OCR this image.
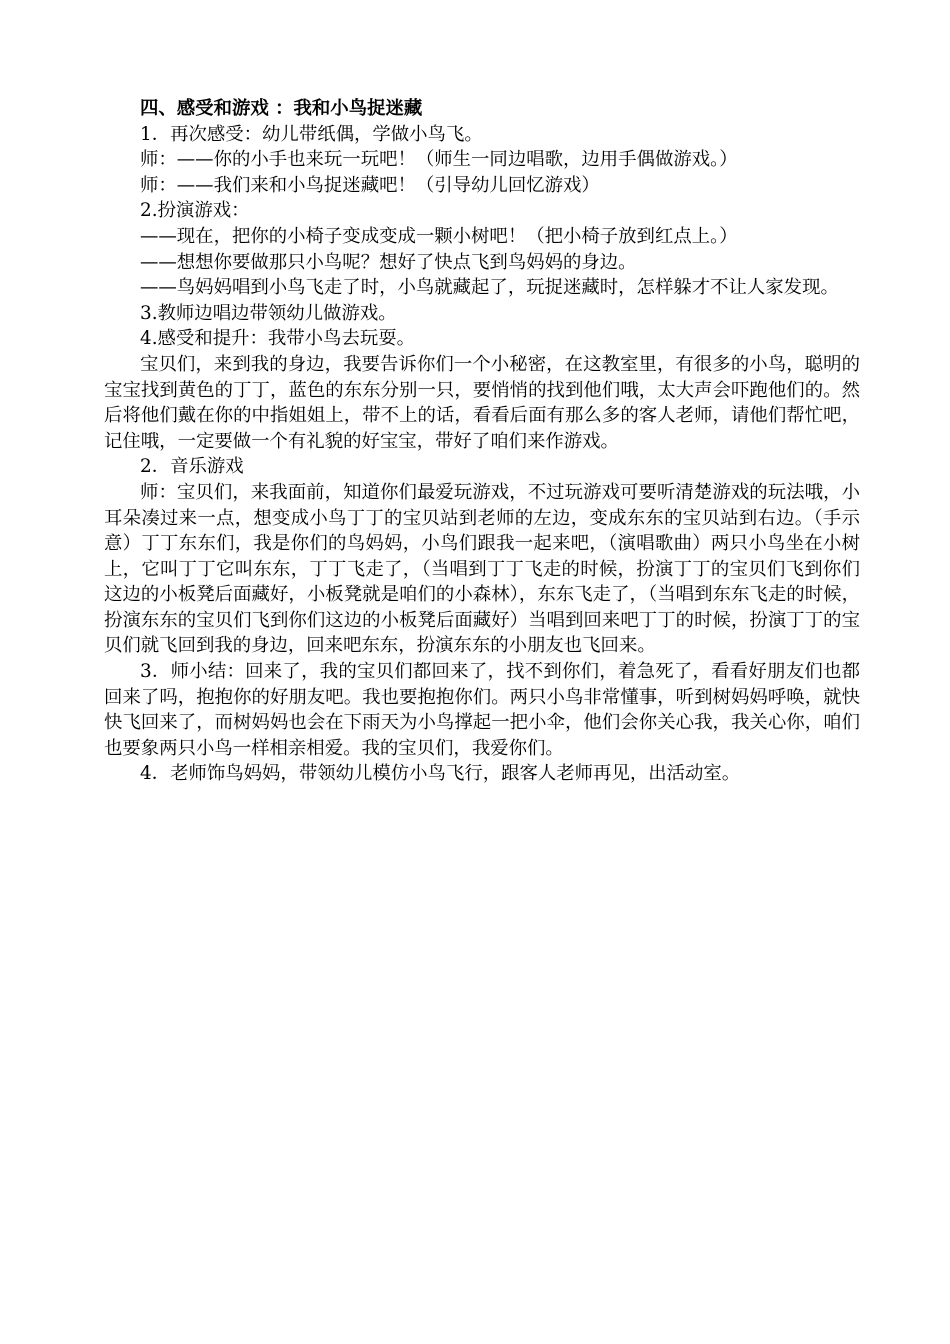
四、感受和游戏 ：我和小鸟捉迷藏

1．再次感受：幼儿带纸偶，学做小鸟飞。

师：——你的小手也来玩一玩吧！（师生一同边唱歌，边用手偶做游戏。）

师：——我们来和小鸟捉迷藏吧！（引导幼儿回忆游戏）

2.扮演游戏：

——现在，把你的小椅子变成变成一颗小树吧！（把小椅子放到红点上。）

——想想你要做那只小鸟呢？想好了快点飞到鸟妈妈的身边。

——鸟妈妈唱到小鸟飞走了时，小鸟就藏起了，玩捉迷藏时，怎样躲才不让人家发现。

3.教师边唱边带领幼儿做游戏。

4.感受和提升：我带小鸟去玩耍。

宝贝们，来到我的身边，我要告诉你们一个小秘密，在这教室里，有很多的小鸟，聪明的宝宝找到黄色的丁丁，蓝色的东东分别一只，要悄悄的找到他们哦，太大声会吓跑他们的。然后将他们戴在你的中指姐姐上，带不上的话，看看后面有那么多的客人老师，请他们帮忙吧，记住哦，一定要做一个有礼貌的好宝宝，带好了咱们来作游戏。

2．音乐游戏

师：宝贝们，来我面前，知道你们最爱玩游戏，不过玩游戏可要听清楚游戏的玩法哦，小耳朵凑过来一点，想变成小鸟丁丁的宝贝站到老师的左边，变成东东的宝贝站到右边。（手示意）丁丁东东们，我是你们的鸟妈妈，小鸟们跟我一起来吧，（演唱歌曲）两只小鸟坐在小树上，它叫丁丁它叫东东，丁丁飞走了，（当唱到丁丁飞走的时候，扮演丁丁的宝贝们飞到你们这边的小板凳后面藏好，小板凳就是咱们的小森林），东东飞走了，（当唱到东东飞走的时候，扮演东东的宝贝们飞到你们这边的小板凳后面藏好）当唱到回来吧丁丁的时候，扮演丁丁的宝贝们就飞回到我的身边，回来吧东东，扮演东东的小朋友也飞回来。

3．师小结：回来了，我的宝贝们都回来了，找不到你们，着急死了，看看好朋友们也都回来了吗，抱抱你的好朋友吧。我也要抱抱你们。两只小鸟非常懂事，听到树妈妈呼唤，就快快飞回来了，而树妈妈也会在下雨天为小鸟撑起一把小伞，他们会你关心我，我关心你，咱们也要象两只小鸟一样相亲相爱。我的宝贝们，我爱你们。

4．老师饰鸟妈妈，带领幼儿模仿小鸟飞行，跟客人老师再见，出活动室。
